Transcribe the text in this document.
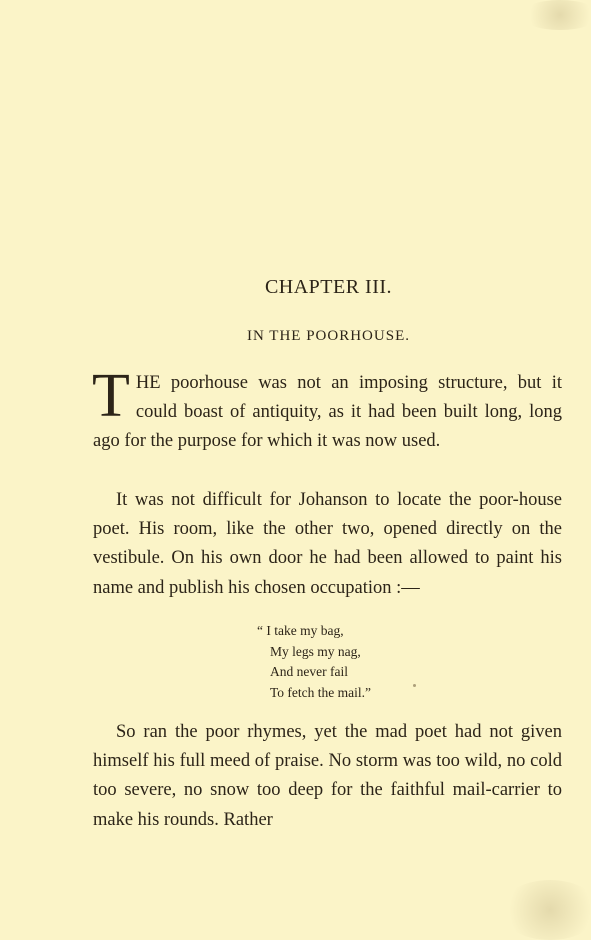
CHAPTER III.
IN THE POORHOUSE.
THE poorhouse was not an imposing structure, but it could boast of antiquity, as it had been built long, long ago for the purpose for which it was now used.
It was not difficult for Johanson to locate the poor-house poet. His room, like the other two, opened directly on the vestibule. On his own door he had been allowed to paint his name and publish his chosen occupation :—
“ I take my bag,
My legs my nag,
And never fail
To fetch the mail.”
So ran the poor rhymes, yet the mad poet had not given himself his full meed of praise. No storm was too wild, no cold too severe, no snow too deep for the faithful mail-carrier to make his rounds. Rather
